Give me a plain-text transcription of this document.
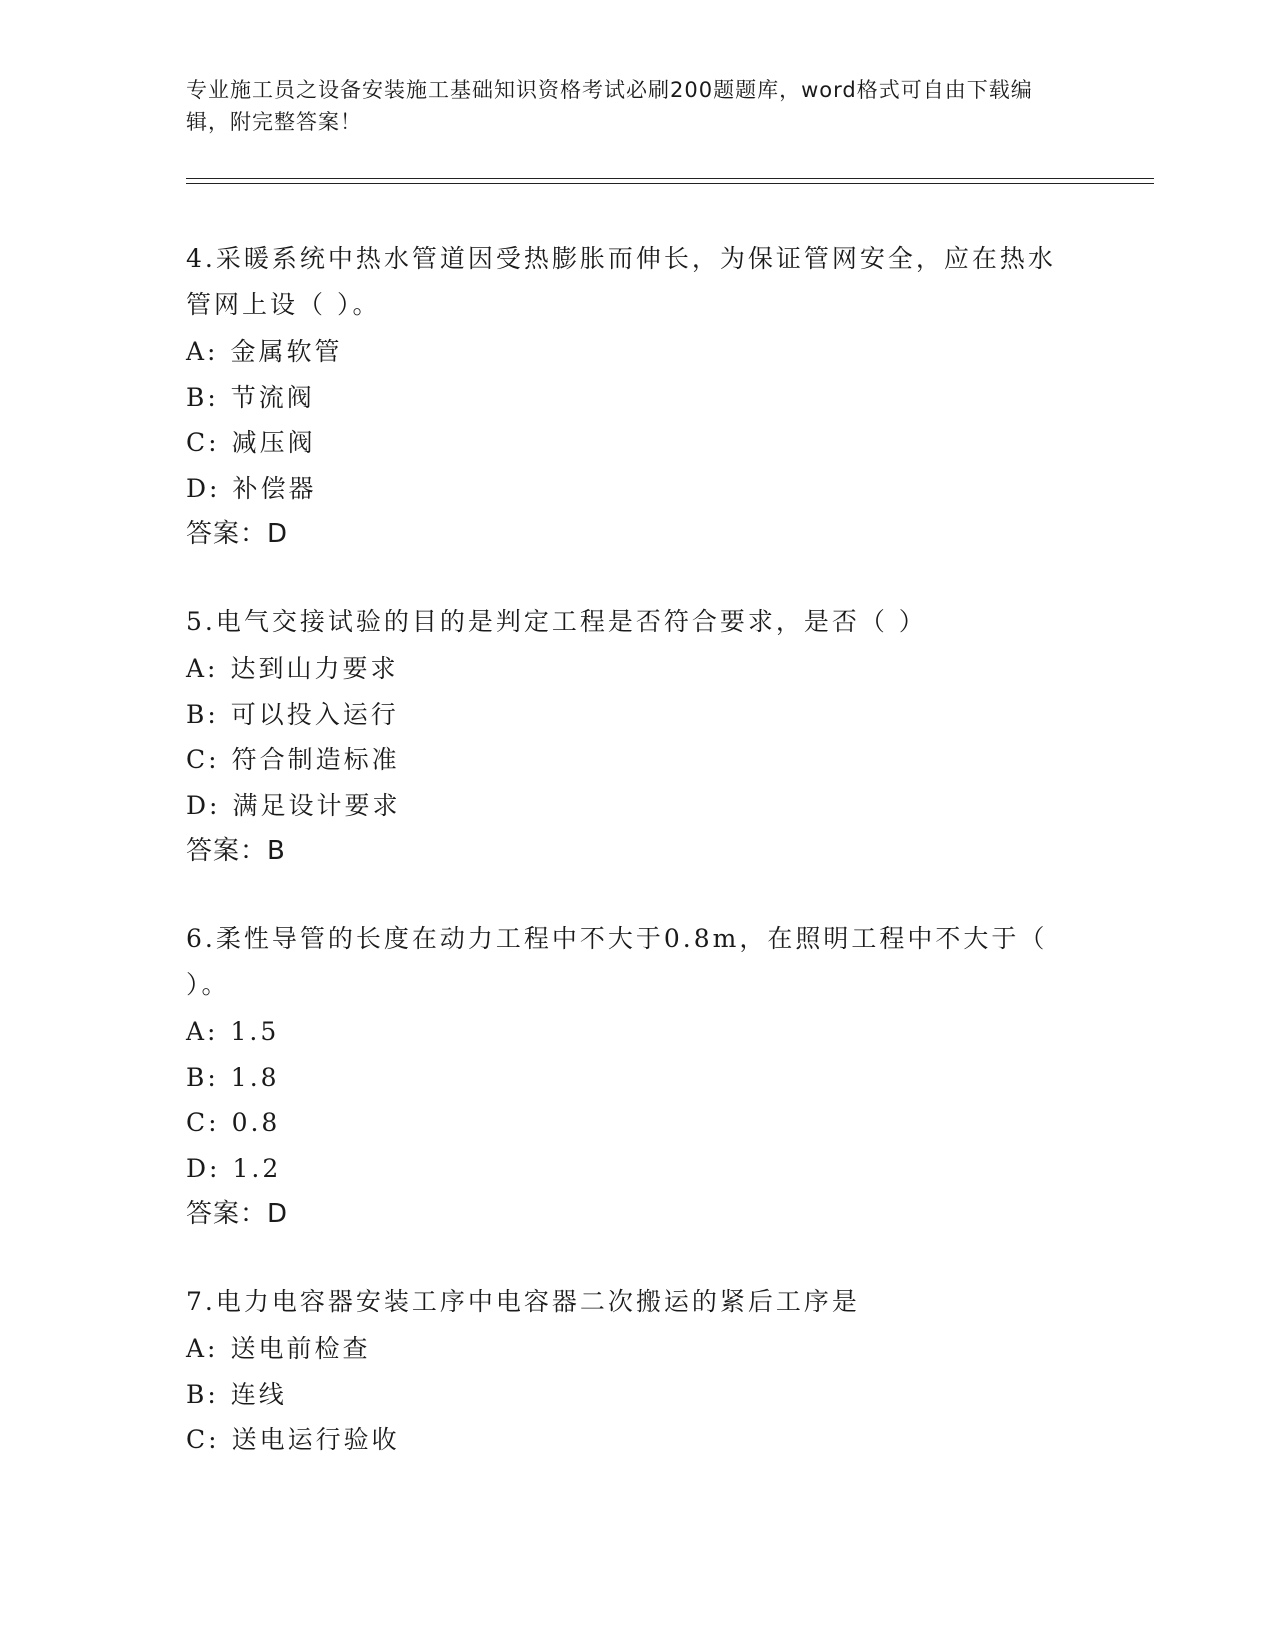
专业施工员之设备安装施工基础知识资格考试必刷200题题库，word格式可自由下载编辑，附完整答案！
4.采暖系统中热水管道因受热膨胀而伸长，为保证管网安全，应在热水管网上设（ ）。
A: 金属软管
B: 节流阀
C: 减压阀
D: 补偿器
答案：D
5.电气交接试验的目的是判定工程是否符合要求，是否（ ）
A: 达到山力要求
B: 可以投入运行
C: 符合制造标准
D: 满足设计要求
答案：B
6.柔性导管的长度在动力工程中不大于0.8m，在照明工程中不大于（ ）。
A: 1.5
B: 1.8
C: 0.8
D: 1.2
答案：D
7.电力电容器安装工序中电容器二次搬运的紧后工序是
A: 送电前检查
B: 连线
C: 送电运行验收
